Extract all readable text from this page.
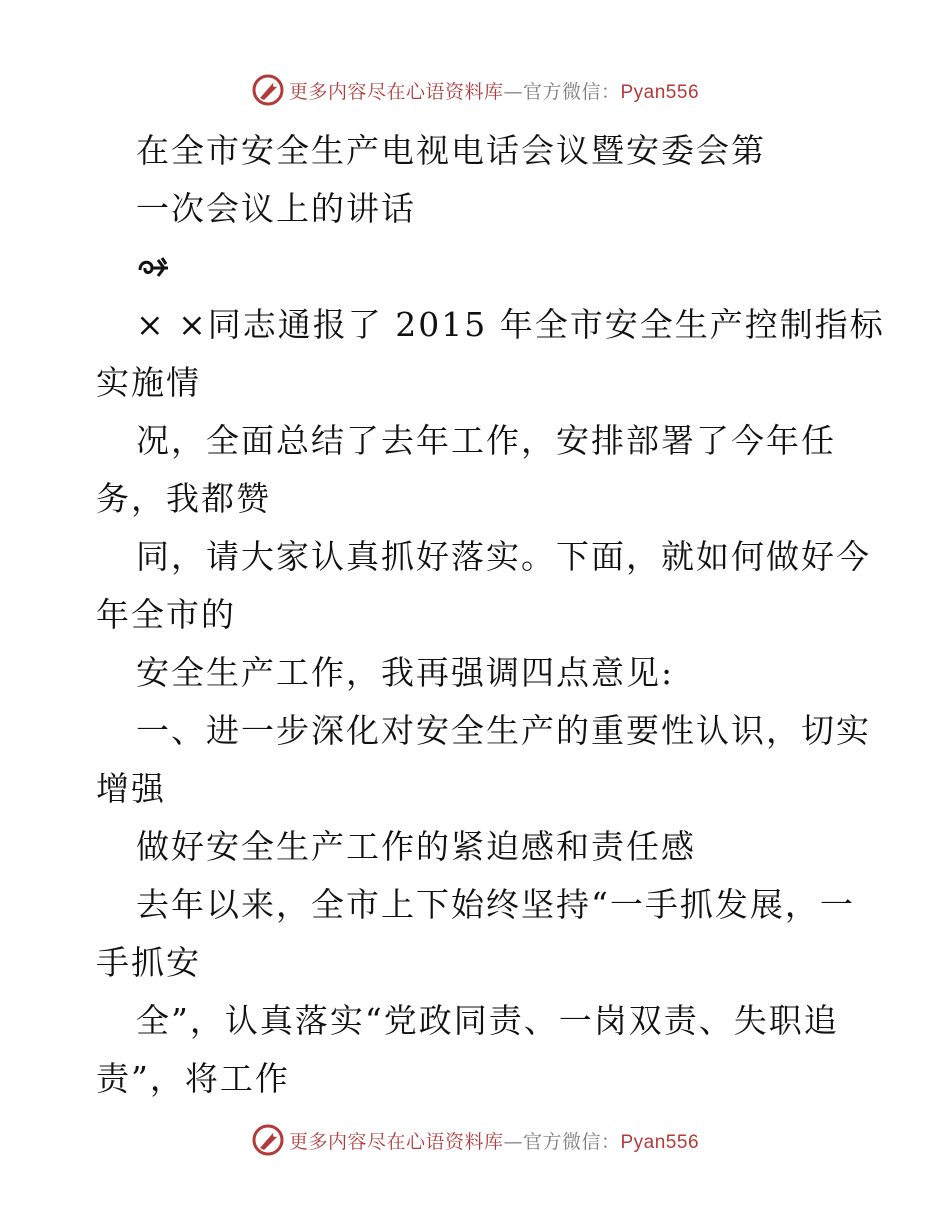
更多内容尽在心语资料库—官方微信：Pyan556
在全市安全生产电视电话会议暨安委会第
一次会议上的讲话
× ×同志通报了 2015 年全市安全生产控制指标
实施情
况，全面总结了去年工作，安排部署了今年任
务，我都赞
同，请大家认真抓好落实。下面，就如何做好今
年全市的
安全生产工作，我再强调四点意见:
一、进一步深化对安全生产的重要性认识，切实
增强
做好安全生产工作的紧迫感和责任感
去年以来，全市上下始终坚持“一手抓发展，一
手抓安
全”，认真落实“党政同责、一岗双责、失职追
责”，将工作
更多内容尽在心语资料库—官方微信：Pyan556
